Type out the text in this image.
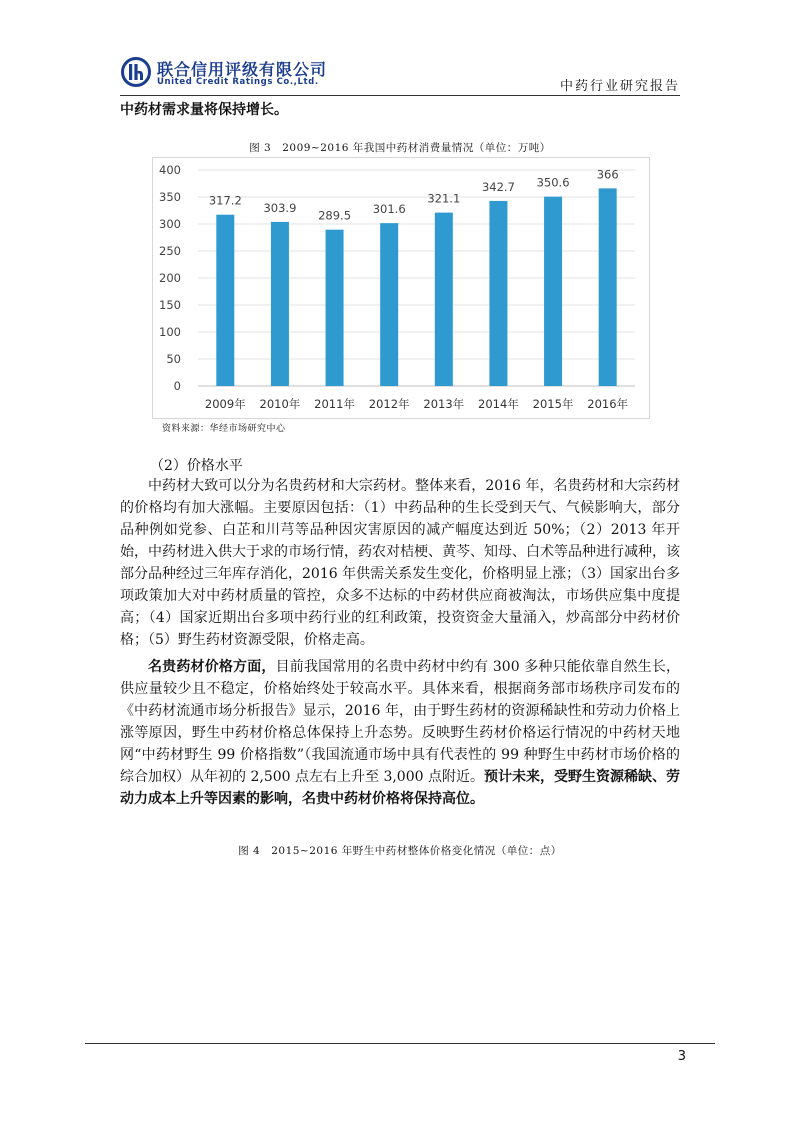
联合信用评级有限公司
United Credit Ratings Co.,Ltd.	中药行业研究报告
中药材需求量将保持增长。
图 3　2009~2016 年我国中药材消费量情况（单位：万吨）
0
50
100
150
200
250
300
350
400
317.2
2009年
303.9
2010年
289.5
2011年
301.6
2012年
321.1
2013年
342.7
2014年
350.6
2015年
366
2016年
资料来源：华经市场研究中心
（2）价格水平
中药材大致可以分为名贵药材和大宗药材。整体来看，2016 年，名贵药材和大宗药材的价格均有加大涨幅。主要原因包括：（1）中药品种的生长受到天气、气候影响大，部分品种例如党参、白芷和川芎等品种因灾害原因的减产幅度达到近 50%；（2）2013 年开始，中药材进入供大于求的市场行情，药农对桔梗、黄芩、知母、白术等品种进行减种，该部分品种经过三年库存消化，2016 年供需关系发生变化，价格明显上涨；（3）国家出台多项政策加大对中药材质量的管控，众多不达标的中药材供应商被淘汰，市场供应集中度提高；（4）国家近期出台多项中药行业的红利政策，投资资金大量涌入，炒高部分中药材价格；（5）野生药材资源受限，价格走高。
名贵药材价格方面，目前我国常用的名贵中药材中约有 300 多种只能依靠自然生长，供应量较少且不稳定，价格始终处于较高水平。具体来看，根据商务部市场秩序司发布的《中药材流通市场分析报告》显示，2016 年，由于野生药材的资源稀缺性和劳动力价格上涨等原因，野生中药材价格总体保持上升态势。反映野生药材价格运行情况的中药材天地网“中药材野生 99 价格指数”（我国流通市场中具有代表性的 99 种野生中药材市场价格的综合加权）从年初的 2,500 点左右上升至 3,000 点附近。预计未来，受野生资源稀缺、劳动力成本上升等因素的影响，名贵中药材价格将保持高位。
图 4　2015~2016 年野生中药材整体价格变化情况（单位：点）
3
